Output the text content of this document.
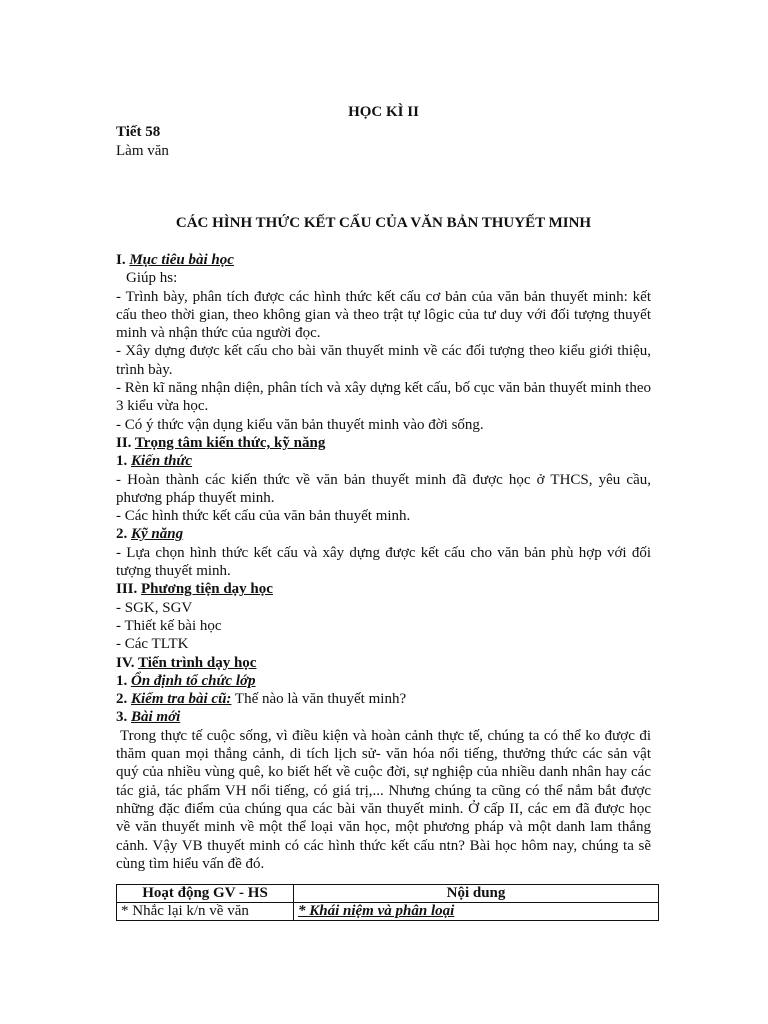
HỌC KÌ II
Tiết 58
Làm văn
CÁC HÌNH THỨC KẾT CẤU CỦA VĂN BẢN THUYẾT MINH

I. Mục tiêu bài học

Giúp hs:

- Trình bày, phân tích được các hình thức kết cấu cơ bản của văn bản thuyết minh: kết cấu theo thời gian, theo không gian và theo trật tự lôgic của tư duy với đối tượng thuyết minh và nhận thức của người đọc.

- Xây dựng được kết cấu cho bài văn thuyết minh về các đối tượng theo kiểu giới thiệu, trình bày.

- Rèn kĩ năng nhận diện, phân tích và xây dựng kết cấu, bố cục văn bản thuyết minh theo 3 kiểu vừa học.

- Có ý thức vận dụng kiểu văn bản thuyết minh vào đời sống.

II. Trọng tâm kiến thức, kỹ năng

1. Kiến thức

- Hoàn thành các kiến thức về văn bản thuyết minh đã được học ở THCS, yêu cầu, phương pháp thuyết minh.

- Các hình thức kết cấu của văn bản thuyết minh.

2. Kỹ năng

- Lựa chọn hình thức kết cấu và xây dựng được kết cấu cho văn bản phù hợp với đối tượng thuyết minh.

III. Phương tiện dạy học

- SGK, SGV

- Thiết kế bài học

- Các TLTK

IV. Tiến trình dạy học

1. Ổn định tổ chức lớp

2. Kiểm tra bài cũ: Thế nào là văn thuyết minh?

3. Bài mới

Trong thực tế cuộc sống, vì điều kiện và hoàn cảnh thực tế, chúng ta có thể ko được đi thăm quan mọi thắng cảnh, di tích lịch sử- văn hóa nổi tiếng, thưởng thức các sản vật quý của nhiều vùng quê, ko biết hết về cuộc đời, sự nghiệp của nhiều danh nhân hay các tác giả, tác phẩm VH nổi tiếng, có giá trị,... Nhưng chúng ta cũng có thể nắm bắt được những đặc điểm của chúng qua các bài văn thuyết minh. Ở cấp II, các em đã được học về văn thuyết minh về một thể loại văn học, một phương pháp và một danh lam thắng cảnh. Vậy VB thuyết minh có các hình thức kết cấu ntn? Bài học hôm nay, chúng ta sẽ cùng tìm hiểu vấn đề đó.

Hoạt động GV - HS	Nội dung
* Nhắc lại k/n về văn	* Khái niệm và phân loại
